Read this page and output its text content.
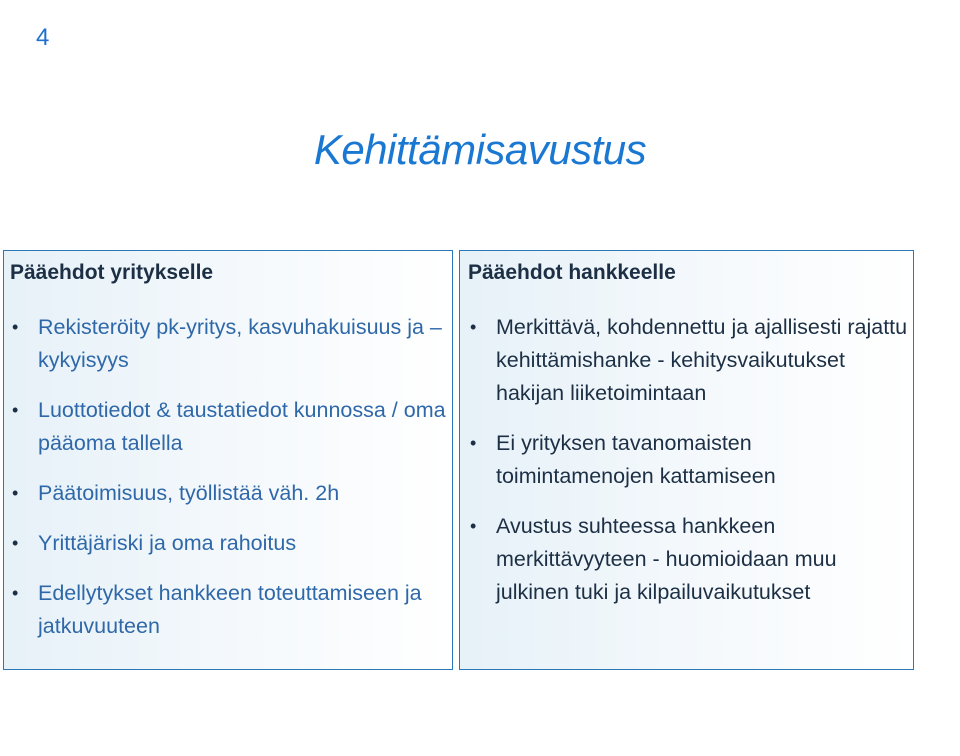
4
Kehittämisavustus
Pääehdot yritykselle
• Rekisteröity pk-yritys, kasvuhakuisuus ja –kykyisyys
• Luottotiedot & taustatiedot kunnossa / oma pääoma tallella
• Päätoimisuus, työllistää väh. 2h
• Yrittäjäriski ja oma rahoitus
• Edellytykset hankkeen toteuttamiseen ja jatkuvuuteen
Pääehdot hankkeelle
• Merkittävä, kohdennettu ja ajallisesti rajattu kehittämishanke - kehitysvaikutukset hakijan liiketoimintaan
• Ei yrityksen tavanomaisten toimintamenojen kattamiseen
• Avustus suhteessa hankkeen merkittävyyteen - huomioidaan muu julkinen tuki ja kilpailuvaikutukset
